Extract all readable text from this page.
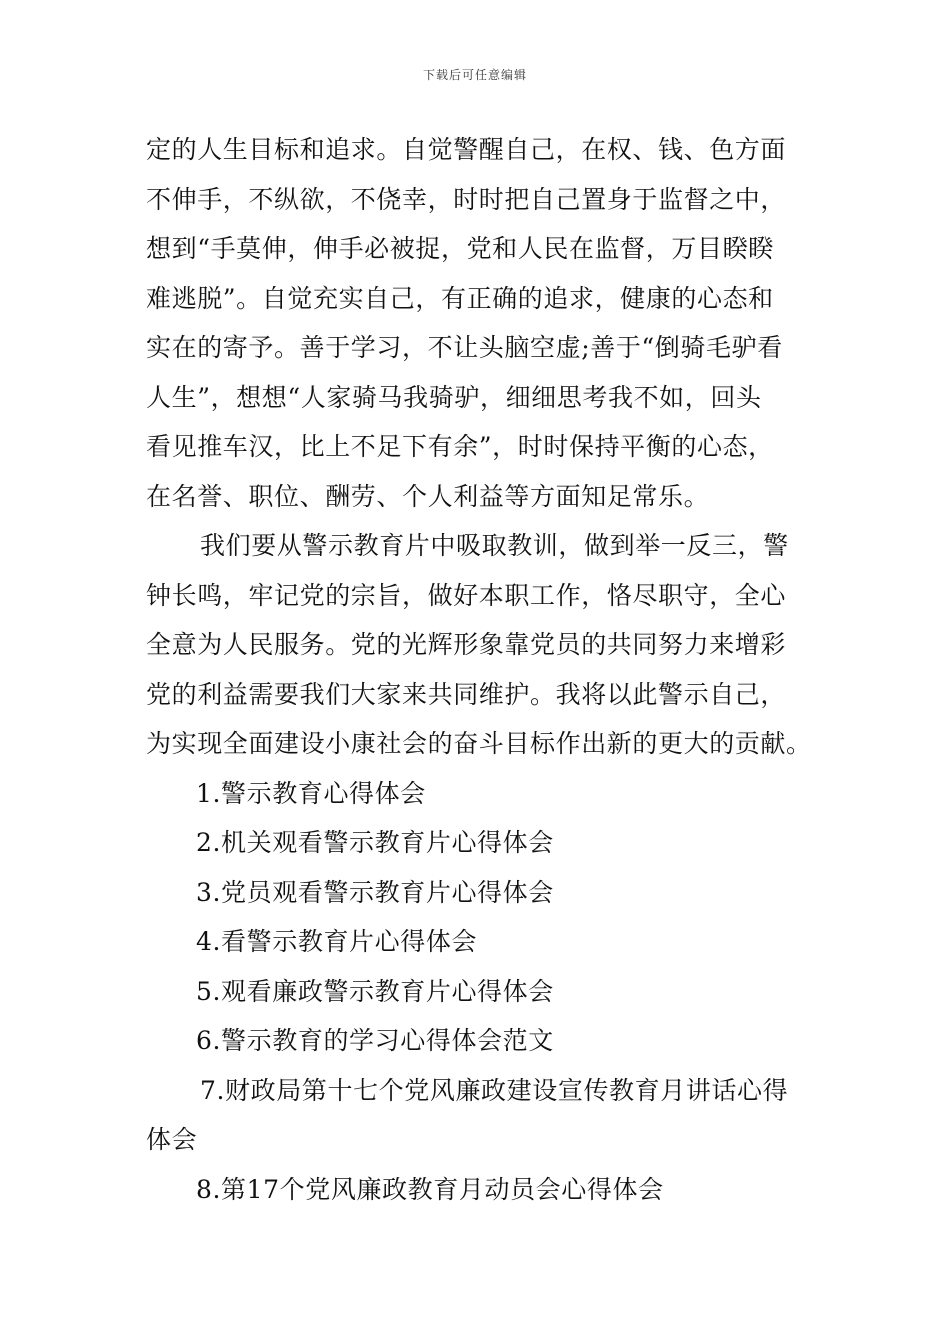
下载后可任意编辑
定的人生目标和追求。自觉警醒自己，在权、钱、色方面
不伸手，不纵欲，不侥幸，时时把自己置身于监督之中，
想到“手莫伸，伸手必被捉，党和人民在监督，万目睽睽
难逃脱”。自觉充实自己，有正确的追求，健康的心态和
实在的寄予。善于学习，不让头脑空虚;善于“倒骑毛驴看
人生”，想想“人家骑马我骑驴，细细思考我不如，回头
看见推车汉，比上不足下有余”，时时保持平衡的心态，
在名誉、职位、酬劳、个人利益等方面知足常乐。
我们要从警示教育片中吸取教训，做到举一反三，警
钟长鸣，牢记党的宗旨，做好本职工作，恪尽职守，全心
全意为人民服务。党的光辉形象靠党员的共同努力来增彩
党的利益需要我们大家来共同维护。我将以此警示自己，
为实现全面建设小康社会的奋斗目标作出新的更大的贡献。
1.警示教育心得体会
2.机关观看警示教育片心得体会
3.党员观看警示教育片心得体会
4.看警示教育片心得体会
5.观看廉政警示教育片心得体会
6.警示教育的学习心得体会范文
7.财政局第十七个党风廉政建设宣传教育月讲话心得
体会
8.第17个党风廉政教育月动员会心得体会
